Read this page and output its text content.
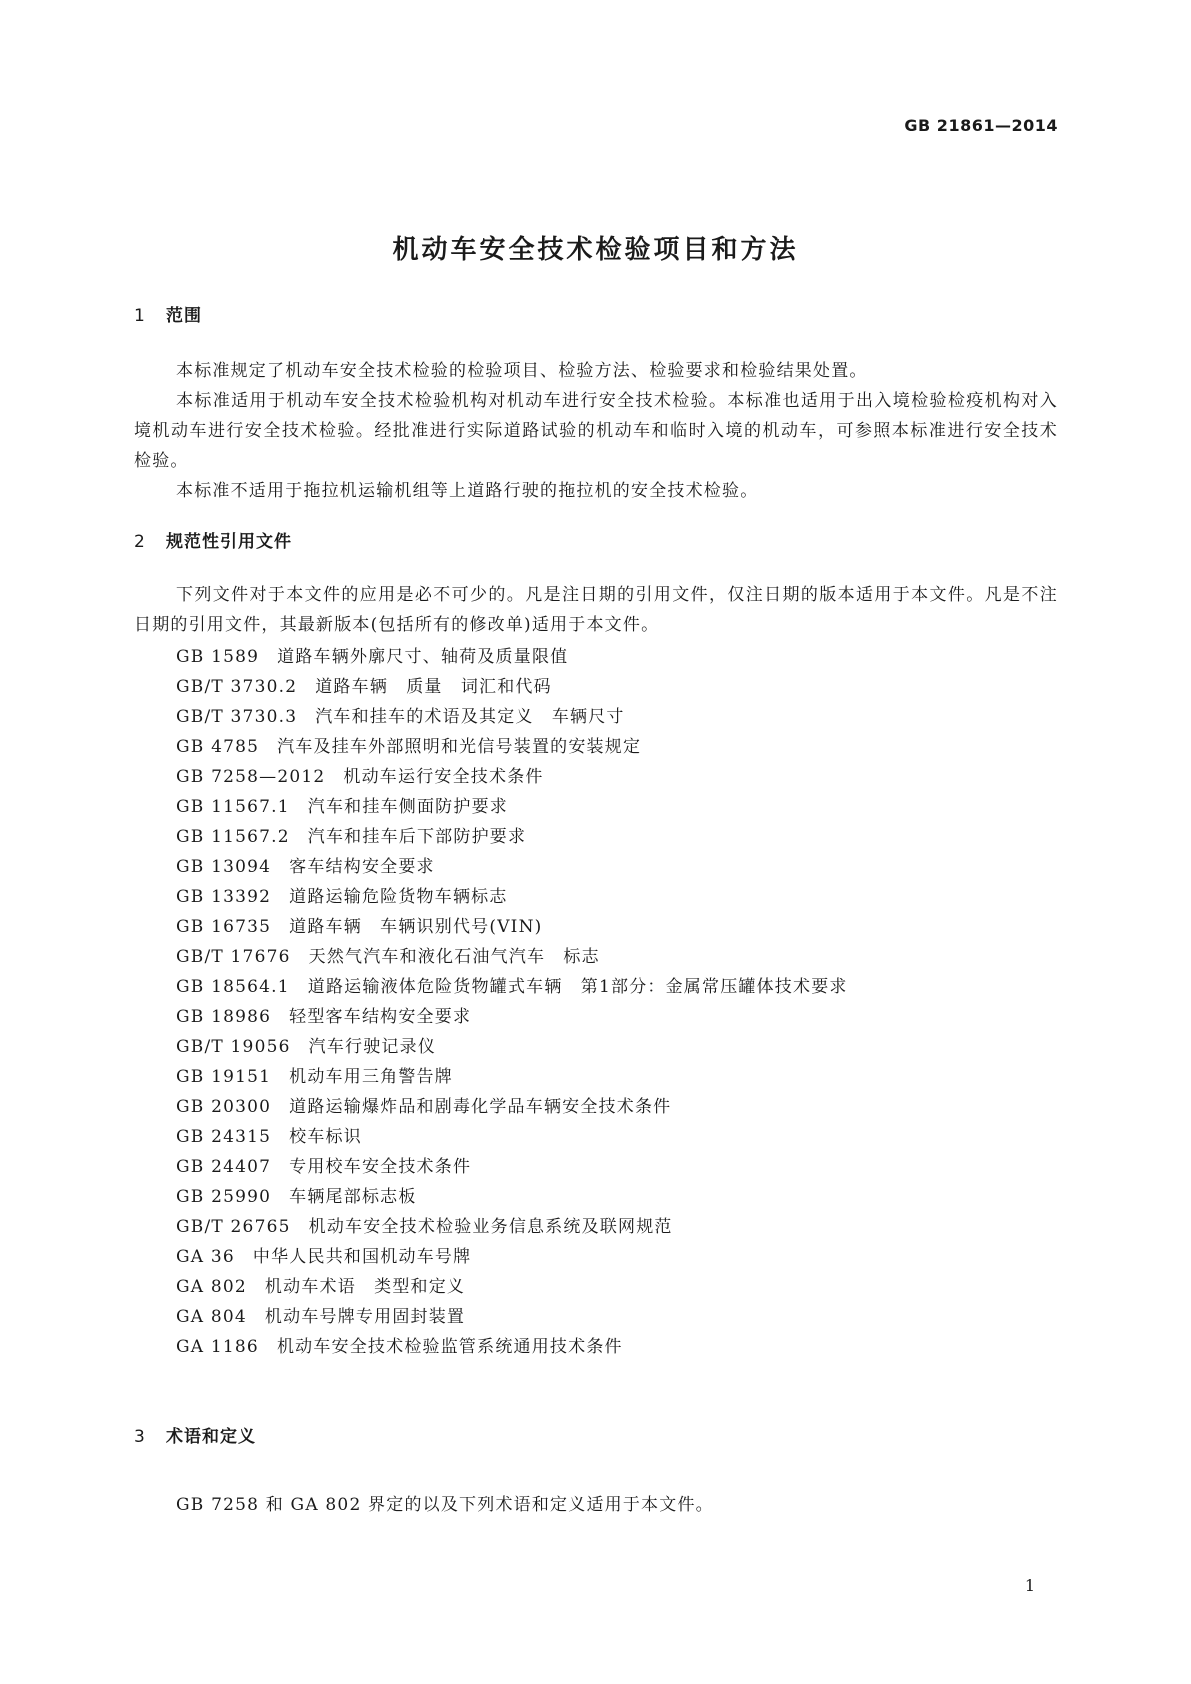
GB 21861—2014
机动车安全技术检验项目和方法
1 范围

本标准规定了机动车安全技术检验的检验项目、检验方法、检验要求和检验结果处置。

本标准适用于机动车安全技术检验机构对机动车进行安全技术检验。本标准也适用于出入境检验检疫机构对入境机动车进行安全技术检验。经批准进行实际道路试验的机动车和临时入境的机动车，可参照本标准进行安全技术检验。

本标准不适用于拖拉机运输机组等上道路行驶的拖拉机的安全技术检验。

2 规范性引用文件

下列文件对于本文件的应用是必不可少的。凡是注日期的引用文件，仅注日期的版本适用于本文件。凡是不注日期的引用文件，其最新版本(包括所有的修改单)适用于本文件。

GB 1589 道路车辆外廓尺寸、轴荷及质量限值
GB/T 3730.2 道路车辆　质量　词汇和代码
GB/T 3730.3 汽车和挂车的术语及其定义　车辆尺寸
GB 4785 汽车及挂车外部照明和光信号装置的安装规定
GB 7258—2012 机动车运行安全技术条件
GB 11567.1 汽车和挂车侧面防护要求
GB 11567.2 汽车和挂车后下部防护要求
GB 13094 客车结构安全要求
GB 13392 道路运输危险货物车辆标志
GB 16735 道路车辆　车辆识别代号(VIN)
GB/T 17676 天然气汽车和液化石油气汽车　标志
GB 18564.1 道路运输液体危险货物罐式车辆　第1部分：金属常压罐体技术要求
GB 18986 轻型客车结构安全要求
GB/T 19056 汽车行驶记录仪
GB 19151 机动车用三角警告牌
GB 20300 道路运输爆炸品和剧毒化学品车辆安全技术条件
GB 24315 校车标识
GB 24407 专用校车安全技术条件
GB 25990 车辆尾部标志板
GB/T 26765 机动车安全技术检验业务信息系统及联网规范
GA 36 中华人民共和国机动车号牌
GA 802 机动车术语　类型和定义
GA 804 机动车号牌专用固封装置
GA 1186 机动车安全技术检验监管系统通用技术条件
3 术语和定义

GB 7258 和 GA 802 界定的以及下列术语和定义适用于本文件。

1
